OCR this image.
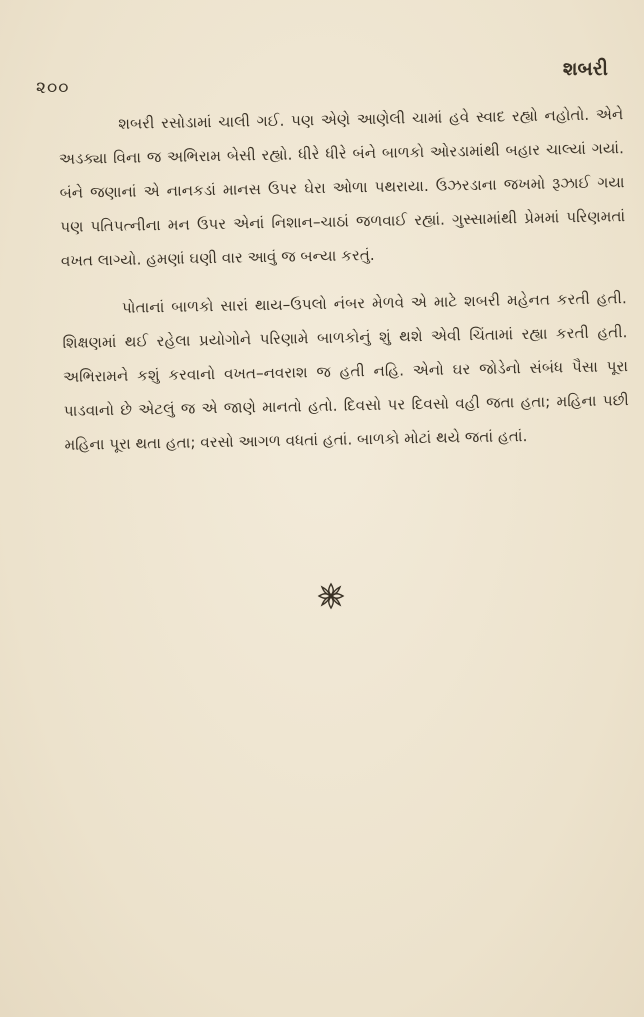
૨૦૦
શબરી

શબરી રસોડામાં ચાલી ગઈ. પણ એણે આણેલી ચામાં હવે સ્વાદ રહ્યો નહોતો. એને અડક્યા વિના જ અભિરામ બેસી રહ્યો. ધીરે ધીરે બંને બાળકો ઓરડામાંથી બહાર ચાલ્યાં ગયાં. બંને જણાનાં એ નાનકડાં માનસ ઉપર ઘેરા ઓળા પથરાયા. ઉઝરડાના જખમો રૂઝાઈ ગયા પણ પતિપત્નીના મન ઉપર એનાં નિશાન–ચાઠાં જળવાઈ રહ્યાં. ગુસ્સામાંથી પ્રેમમાં પરિણમતાં વખત લાગ્યો. હમણાં ઘણી વાર આવું જ બન્યા કરતું.

પોતાનાં બાળકો સારાં થાય–ઉપલો નંબર મેળવે એ માટે શબરી મહેનત કરતી હતી. શિક્ષણમાં થઈ રહેલા પ્રયોગોને પરિણામે બાળકોનું શું થશે એવી ચિંતામાં રહ્યા કરતી હતી. અભિરામને કશું કરવાનો વખત–નવરાશ જ હતી નહિ. એનો ઘર જોડેનો સંબંધ પૈસા પૂરા પાડવાનો છે એટલું જ એ જાણે માનતો હતો. દિવસો પર દિવસો વહી જતા હતા; મહિના પછી મહિના પૂરા થતા હતા; વરસો આગળ વધતાં હતાં. બાળકો મોટાં થયે જતાં હતાં.
